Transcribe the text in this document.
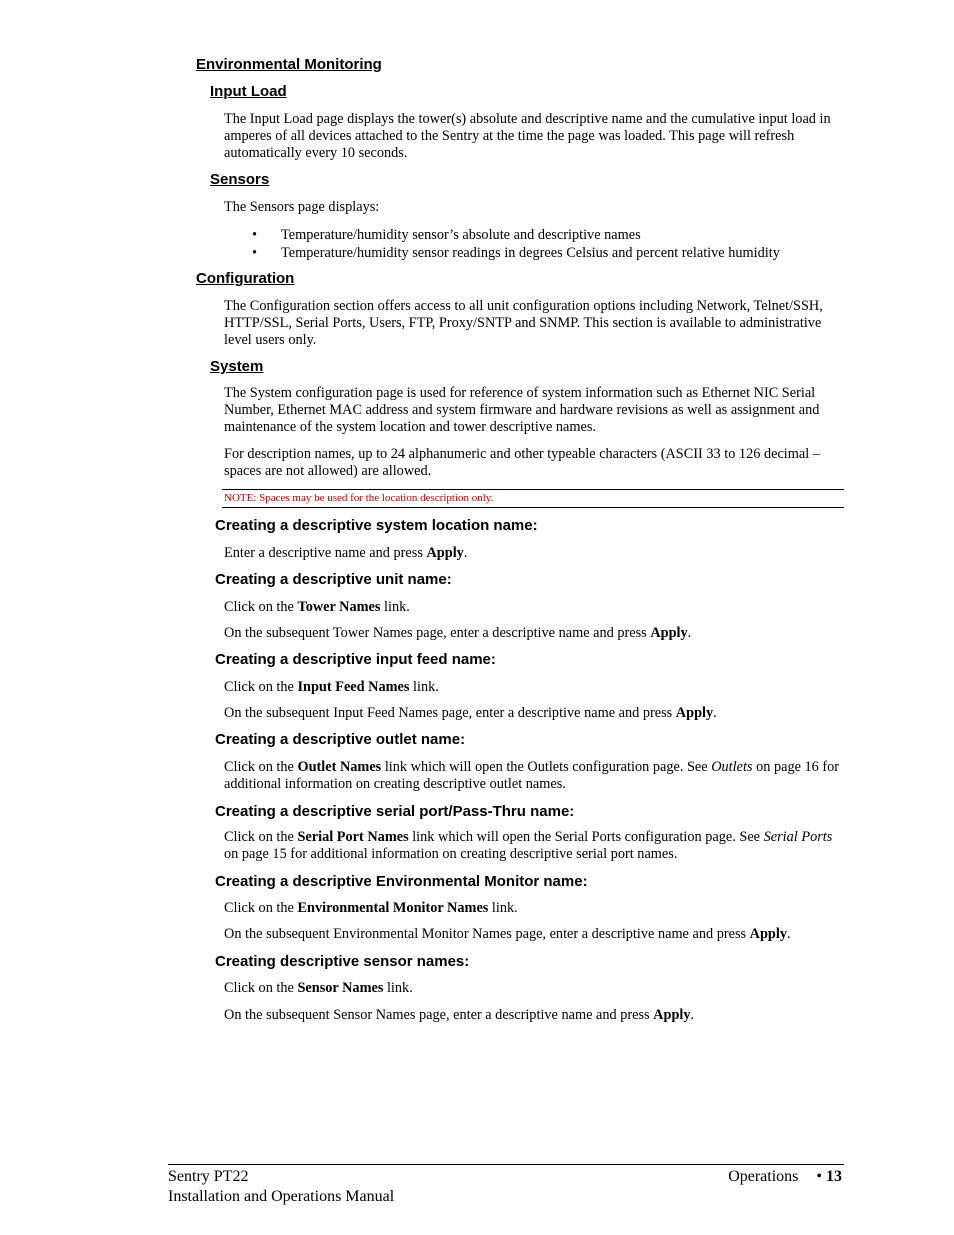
Environmental Monitoring
Input Load
The Input Load page displays the tower(s) absolute and descriptive name and the cumulative input load in amperes of all devices attached to the Sentry at the time the page was loaded. This page will refresh automatically every 10 seconds.
Sensors
The Sensors page displays:
• Temperature/humidity sensor’s absolute and descriptive names
• Temperature/humidity sensor readings in degrees Celsius and percent relative humidity
Configuration
The Configuration section offers access to all unit configuration options including Network, Telnet/SSH, HTTP/SSL, Serial Ports, Users, FTP, Proxy/SNTP and SNMP. This section is available to administrative level users only.
System
The System configuration page is used for reference of system information such as Ethernet NIC Serial Number, Ethernet MAC address and system firmware and hardware revisions as well as assignment and maintenance of the system location and tower descriptive names.
For description names, up to 24 alphanumeric and other typeable characters (ASCII 33 to 126 decimal – spaces are not allowed) are allowed.
NOTE: Spaces may be used for the location description only.
Creating a descriptive system location name:
Enter a descriptive name and press Apply.
Creating a descriptive unit name:
Click on the Tower Names link.
On the subsequent Tower Names page, enter a descriptive name and press Apply.
Creating a descriptive input feed name:
Click on the Input Feed Names link.
On the subsequent Input Feed Names page, enter a descriptive name and press Apply.
Creating a descriptive outlet name:
Click on the Outlet Names link which will open the Outlets configuration page. See Outlets on page 16 for additional information on creating descriptive outlet names.
Creating a descriptive serial port/Pass-Thru name:
Click on the Serial Port Names link which will open the Serial Ports configuration page. See Serial Ports on page 15 for additional information on creating descriptive serial port names.
Creating a descriptive Environmental Monitor name:
Click on the Environmental Monitor Names link.
On the subsequent Environmental Monitor Names page, enter a descriptive name and press Apply.
Creating descriptive sensor names:
Click on the Sensor Names link.
On the subsequent Sensor Names page, enter a descriptive name and press Apply.
Sentry PT22
Installation and Operations Manual
Operations • 13
